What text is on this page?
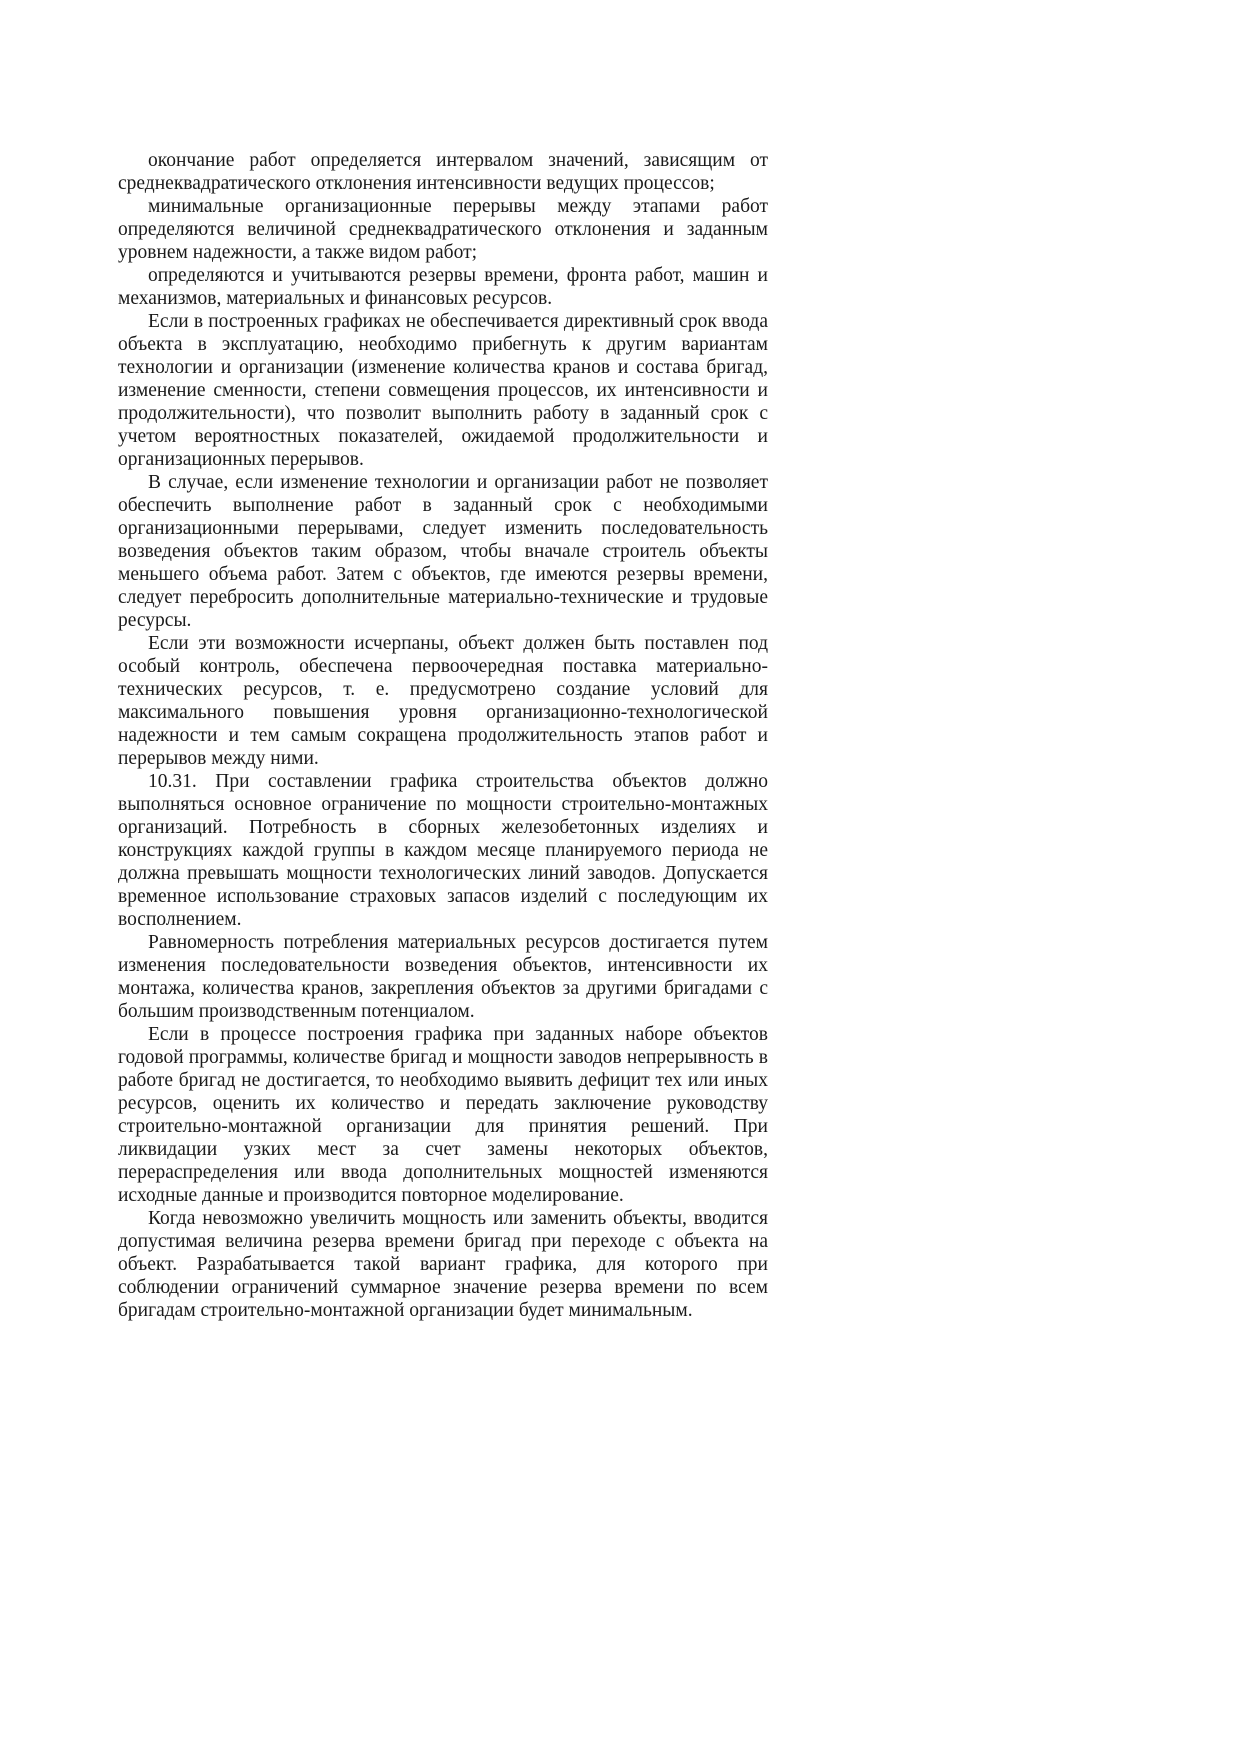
окончание работ определяется интервалом значений, зависящим от среднеквадратического отклонения интенсивности ведущих процессов;

минимальные организационные перерывы между этапами работ определяются величиной среднеквадратического отклонения и заданным уровнем надежности, а также видом работ;

определяются и учитываются резервы времени, фронта работ, машин и механизмов, материальных и финансовых ресурсов.

Если в построенных графиках не обеспечивается директивный срок ввода объекта в эксплуатацию, необходимо прибегнуть к другим вариантам технологии и организации (изменение количества кранов и состава бригад, изменение сменности, степени совмещения процессов, их интенсивности и продолжительности), что позволит выполнить работу в заданный срок с учетом вероятностных показателей, ожидаемой продолжительности и организационных перерывов.

В случае, если изменение технологии и организации работ не позволяет обеспечить выполнение работ в заданный срок с необходимыми организационными перерывами, следует изменить последовательность возведения объектов таким образом, чтобы вначале строитель объекты меньшего объема работ. Затем с объектов, где имеются резервы времени, следует перебросить дополнительные материально-технические и трудовые ресурсы.

Если эти возможности исчерпаны, объект должен быть поставлен под особый контроль, обеспечена первоочередная поставка материально-технических ресурсов, т. е. предусмотрено создание условий для максимального повышения уровня организационно-технологической надежности и тем самым сокращена продолжительность этапов работ и перерывов между ними.

10.31. При составлении графика строительства объектов должно выполняться основное ограничение по мощности строительно-монтажных организаций. Потребность в сборных железобетонных изделиях и конструкциях каждой группы в каждом месяце планируемого периода не должна превышать мощности технологических линий заводов. Допускается временное использование страховых запасов изделий с последующим их восполнением.

Равномерность потребления материальных ресурсов достигается путем изменения последовательности возведения объектов, интенсивности их монтажа, количества кранов, закрепления объектов за другими бригадами с большим производственным потенциалом.

Если в процессе построения графика при заданных наборе объектов годовой программы, количестве бригад и мощности заводов непрерывность в работе бригад не достигается, то необходимо выявить дефицит тех или иных ресурсов, оценить их количество и передать заключение руководству строительно-монтажной организации для принятия решений. При ликвидации узких мест за счет замены некоторых объектов, перераспределения или ввода дополнительных мощностей изменяются исходные данные и производится повторное моделирование.

Когда невозможно увеличить мощность или заменить объекты, вводится допустимая величина резерва времени бригад при переходе с объекта на объект. Разрабатывается такой вариант графика, для которого при соблюдении ограничений суммарное значение резерва времени по всем бригадам строительно-монтажной организации будет минимальным.
